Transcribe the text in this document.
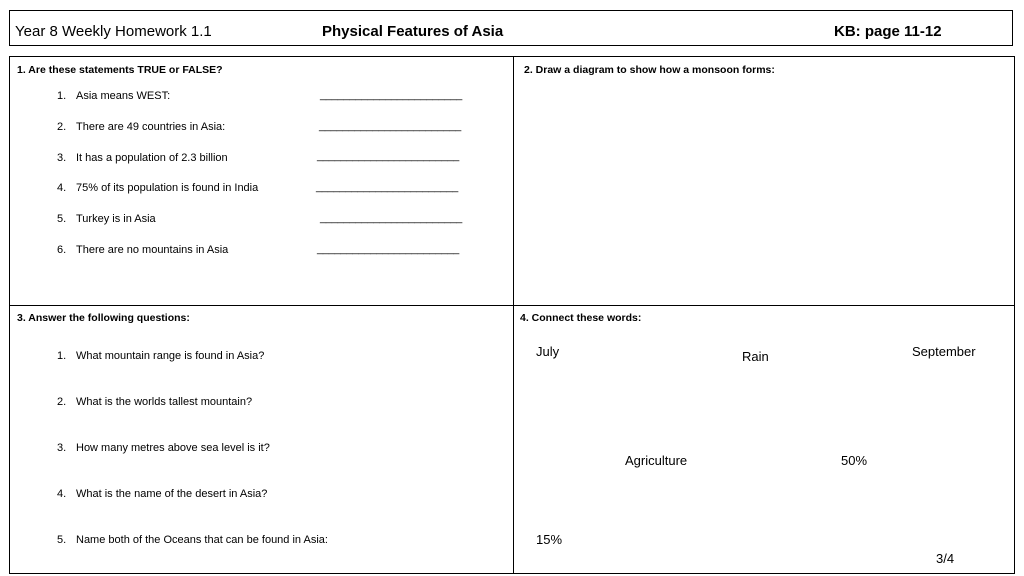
Year 8 Weekly Homework 1.1	Physical Features of Asia	KB: page 11-12
1. Are these statements TRUE or FALSE?
1. Asia means WEST:	________________________
2. There are 49 countries in Asia:	________________________
3. It has a population of 2.3 billion	________________________
4. 75% of its population is found in India	________________________
5. Turkey is in Asia	________________________
6. There are no mountains in Asia	________________________
2. Draw a diagram to show how a monsoon forms:
3. Answer the following questions:
1. What mountain range is found in Asia?
2. What is the worlds tallest mountain?
3. How many metres above sea level is it?
4. What is the name of the desert in Asia?
5. Name both of the Oceans that can be found in Asia:
4. Connect these words:
July	Rain	September
Agriculture	50%
15%
3/4
